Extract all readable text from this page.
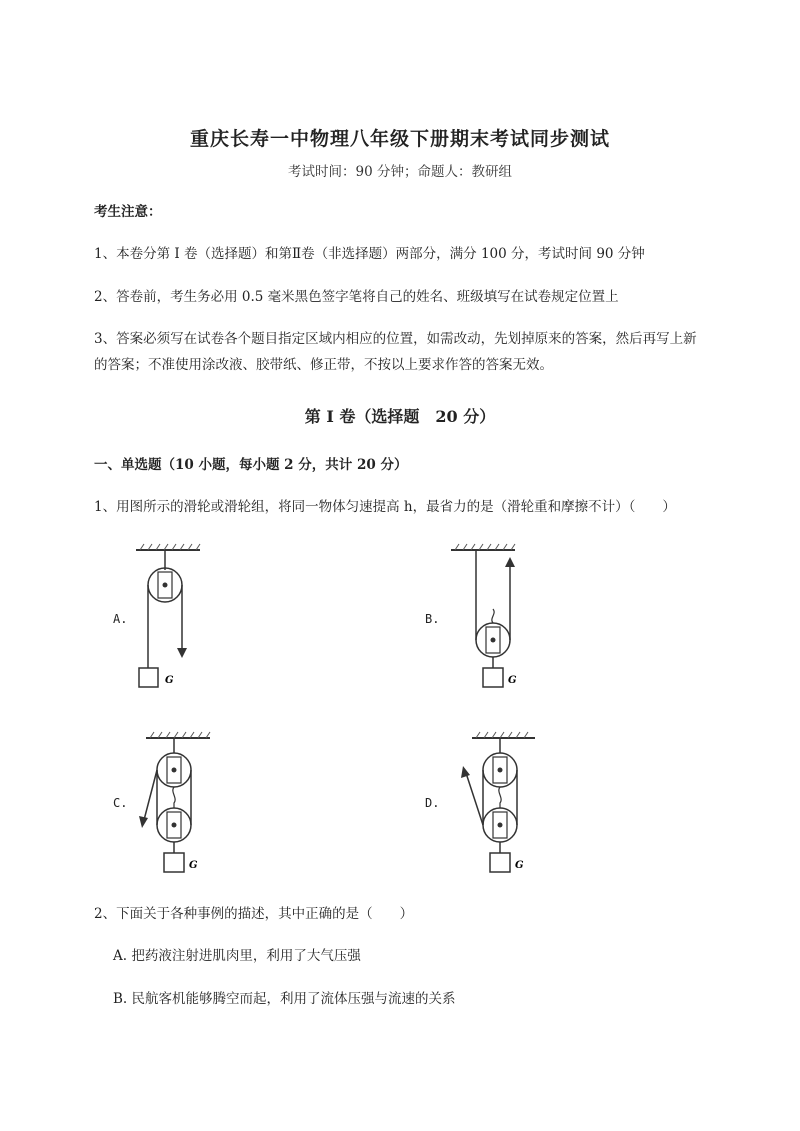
重庆长寿一中物理八年级下册期末考试同步测试
考试时间：90 分钟；命题人：教研组
考生注意：
1、本卷分第 I 卷（选择题）和第Ⅱ卷（非选择题）两部分，满分 100 分，考试时间 90 分钟
2、答卷前，考生务必用 0.5 毫米黑色签字笔将自己的姓名、班级填写在试卷规定位置上
3、答案必须写在试卷各个题目指定区域内相应的位置，如需改动，先划掉原来的答案，然后再写上新
的答案；不准使用涂改液、胶带纸、修正带，不按以上要求作答的答案无效。
第 I 卷（选择题　20 分）
一、单选题（10 小题，每小题 2 分，共计 20 分）
1、用图所示的滑轮或滑轮组，将同一物体匀速提高 h，最省力的是（滑轮重和摩擦不计）（　　）
A.	B.
C.	D.
G	G
G	G
2、下面关于各种事例的描述，其中正确的是（　　）
A. 把药液注射进肌肉里，利用了大气压强
B. 民航客机能够腾空而起，利用了流体压强与流速的关系
